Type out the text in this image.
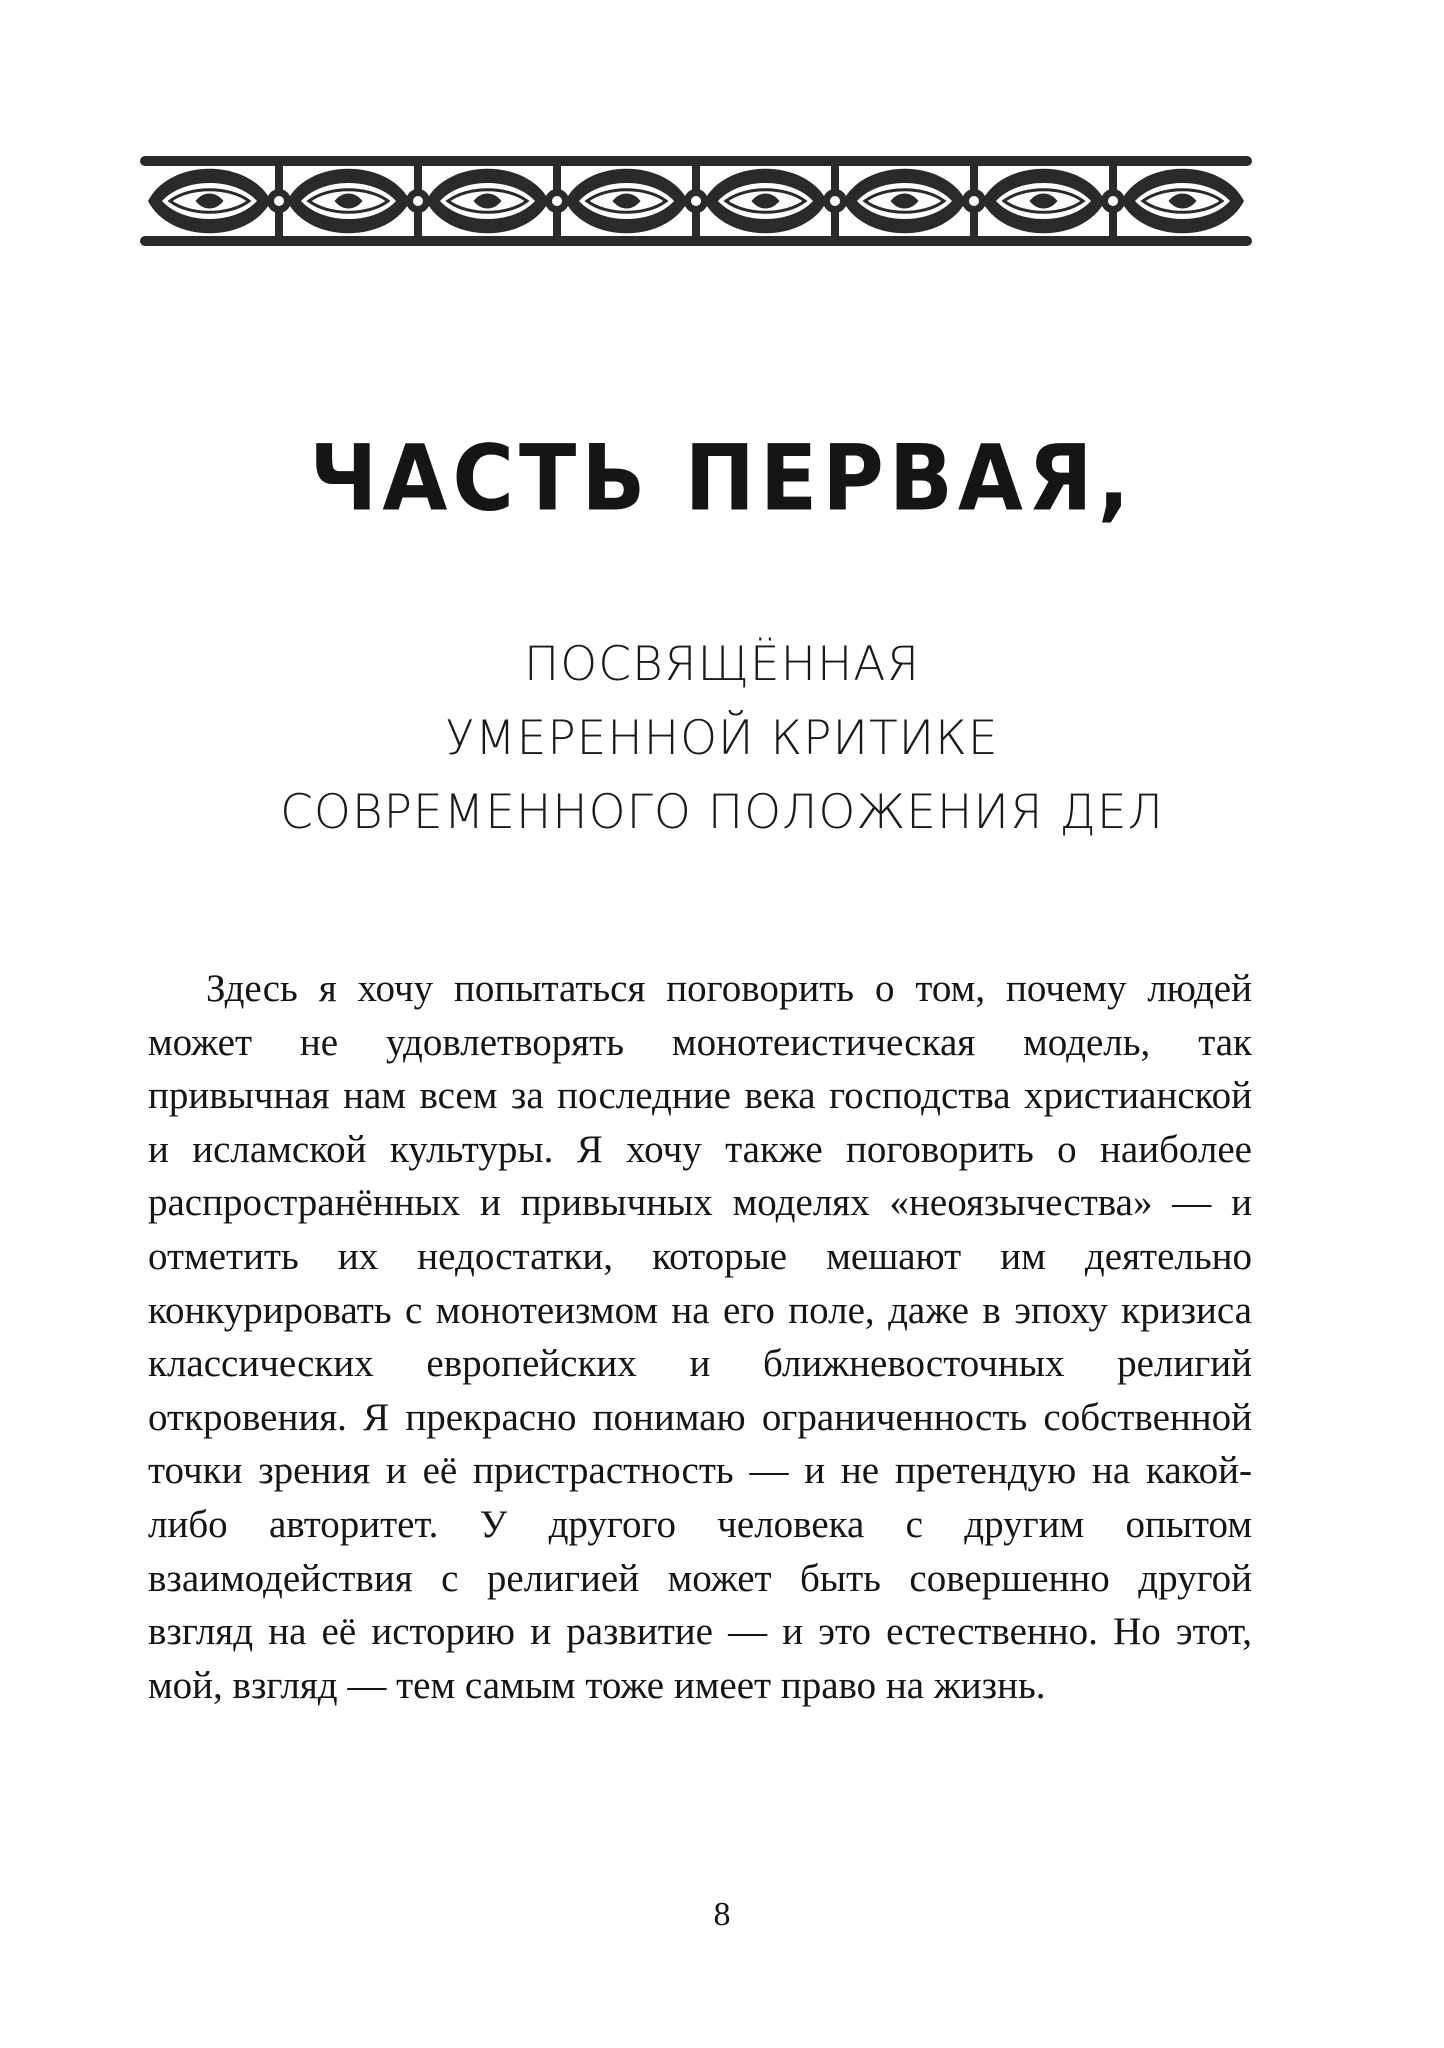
ЧАСТЬ ПЕРВАЯ,
ПОСВЯЩЁННАЯ
УМЕРЕННОЙ КРИТИКЕ
СОВРЕМЕННОГО ПОЛОЖЕНИЯ ДЕЛ
Здесь я хочу попытаться поговорить о том, почему людей может не удовлетворять монотеистическая модель, так привычная нам всем за последние века господства христианской и исламской культуры. Я хочу также поговорить о наиболее распространённых и привычных моделях «неоязычества» — и отметить их недостатки, которые мешают им деятельно конкурировать с монотеизмом на его поле, даже в эпоху кризиса классических европейских и ближневосточных религий откровения. Я прекрасно понимаю ограниченность собственной точки зрения и её пристрастность — и не претендую на какой-либо авторитет. У другого человека с другим опытом взаимодействия с религией может быть совершенно другой взгляд на её историю и развитие — и это естественно. Но этот, мой, взгляд — тем самым тоже имеет право на жизнь.
8
